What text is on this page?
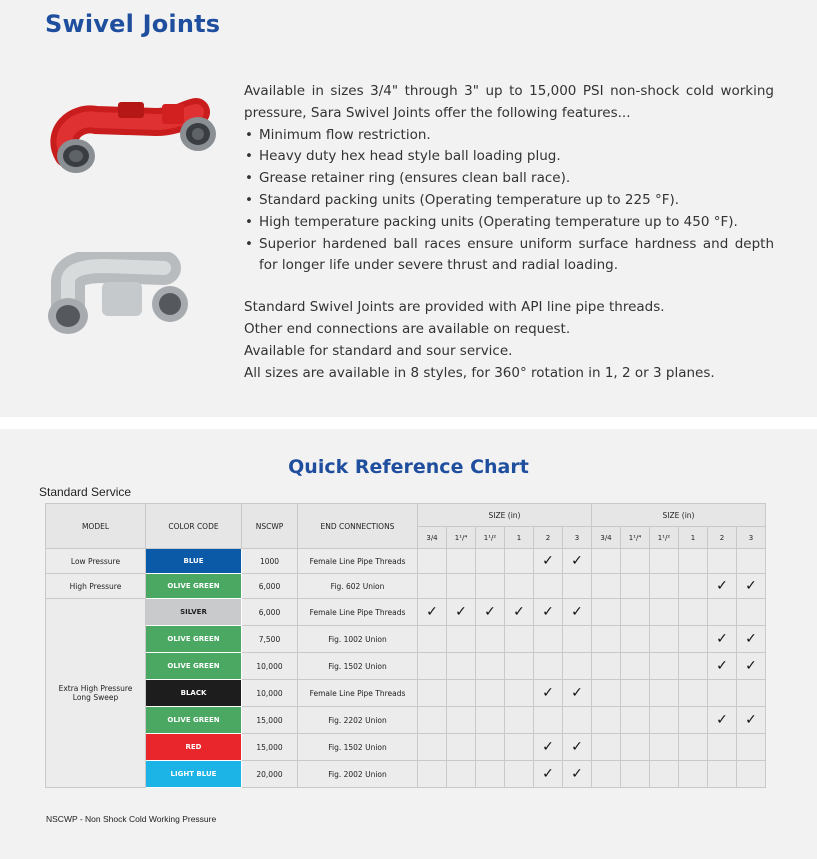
Swivel Joints

Available in sizes 3/4" through 3" up to 15,000 PSI non-shock cold working pressure, Sara Swivel Joints offer the following features...

• Minimum flow restriction.
• Heavy duty hex head style ball loading plug.
• Grease retainer ring (ensures clean ball race).
• Standard packing units (Operating temperature up to 225 °F).
• High temperature packing units (Operating temperature up to 450 °F).
• Superior hardened ball races ensure uniform surface hardness and depth for longer life under severe thrust and radial loading.

Standard Swivel Joints are provided with API line pipe threads.

Other end connections are available on request.

Available for standard and sour service.

All sizes are available in 8 styles, for 360° rotation in 1, 2 or 3 planes.

Quick Reference Chart
Standard Service
MODEL	COLOR CODE	NSCWP	END CONNECTIONS	SIZE (in)						SIZE (in)					
				3/4	1¹/⁴	1¹/²	1	2	3	3/4	1¹/⁴	1¹/²	1	2	3
Low Pressure	BLUE	1000	Female Line Pipe Threads					✓	✓						
High Pressure	OLIVE GREEN	6,000	Fig. 602 Union											✓	✓
Extra High Pressure
Long Sweep	SILVER	6,000	Female Line Pipe Threads	✓	✓	✓	✓	✓	✓						
	OLIVE GREEN	7,500	Fig. 1002 Union											✓	✓
	OLIVE GREEN	10,000	Fig. 1502 Union											✓	✓
	BLACK	10,000	Female Line Pipe Threads					✓	✓						
	OLIVE GREEN	15,000	Fig. 2202 Union											✓	✓
	RED	15,000	Fig. 1502 Union					✓	✓						
	LIGHT BLUE	20,000	Fig. 2002 Union					✓	✓						
NSCWP - Non Shock Cold Working Pressure
